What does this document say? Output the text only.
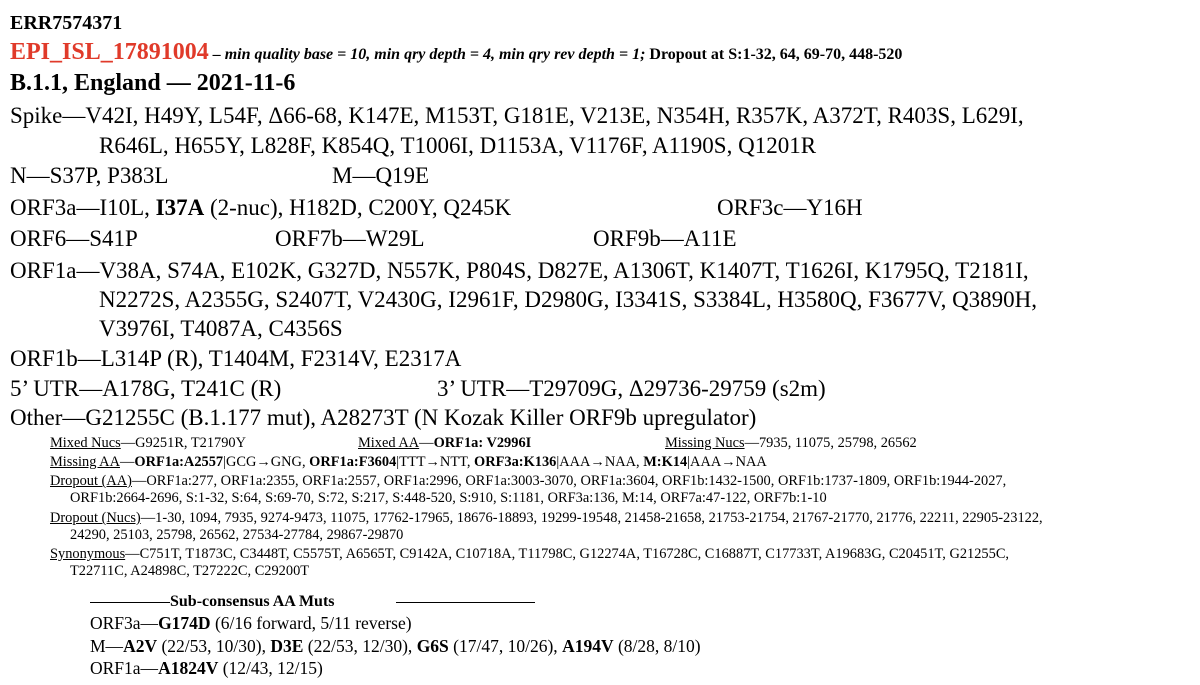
ERR7574371
EPI_ISL_17891004 – min quality base = 10, min qry depth = 4, min qry rev depth = 1; Dropout at S:1-32, 64, 69-70, 448-520
B.1.1, England — 2021-11-6
Spike—V42I, H49Y, L54F, Δ66-68, K147E, M153T, G181E, V213E, N354H, R357K, A372T, R403S, L629I,
R646L, H655Y, L828F, K854Q, T1006I, D1153A, V1176F, A1190S, Q1201R
N—S37P, P383L	M—Q19E
ORF3a—I10L, I37A (2-nuc), H182D, C200Y, Q245K	ORF3c—Y16H
ORF6—S41P	ORF7b—W29L	ORF9b—A11E
ORF1a—V38A, S74A, E102K, G327D, N557K, P804S, D827E, A1306T, K1407T, T1626I, K1795Q, T2181I,
N2272S, A2355G, S2407T, V2430G, I2961F, D2980G, I3341S, S3384L, H3580Q, F3677V, Q3890H,
V3976I, T4087A, C4356S
ORF1b—L314P (R), T1404M, F2314V, E2317A
5’ UTR—A178G, T241C (R)	3’ UTR—T29709G, Δ29736-29759 (s2m)
Other—G21255C (B.1.177 mut), A28273T (N Kozak Killer ORF9b upregulator)
Mixed Nucs—G9251R, T21790Y	Mixed AA—ORF1a: V2996I	Missing Nucs—7935, 11075, 25798, 26562
Missing AA—ORF1a:A2557|GCG→GNG, ORF1a:F3604|TTT→NTT, ORF3a:K136|AAA→NAA, M:K14|AAA→NAA
Dropout (AA)—ORF1a:277, ORF1a:2355, ORF1a:2557, ORF1a:2996, ORF1a:3003-3070, ORF1a:3604, ORF1b:1432-1500, ORF1b:1737-1809, ORF1b:1944-2027,
ORF1b:2664-2696, S:1-32, S:64, S:69-70, S:72, S:217, S:448-520, S:910, S:1181, ORF3a:136, M:14, ORF7a:47-122, ORF7b:1-10
Dropout (Nucs)—1-30, 1094, 7935, 9274-9473, 11075, 17762-17965, 18676-18893, 19299-19548, 21458-21658, 21753-21754, 21767-21770, 21776, 22211, 22905-23122,
24290, 25103, 25798, 26562, 27534-27784, 29867-29870
Synonymous—C751T, T1873C, C3448T, C5575T, A6565T, C9142A, C10718A, T11798C, G12274A, T16728C, C16887T, C17733T, A19683G, C20451T, G21255C,
T22711C, A24898C, T27222C, C29200T
Sub-consensus AA Muts
ORF3a—G174D (6/16 forward, 5/11 reverse)
M—A2V (22/53, 10/30), D3E (22/53, 12/30), G6S (17/47, 10/26), A194V (8/28, 8/10)
ORF1a—A1824V (12/43, 12/15)
